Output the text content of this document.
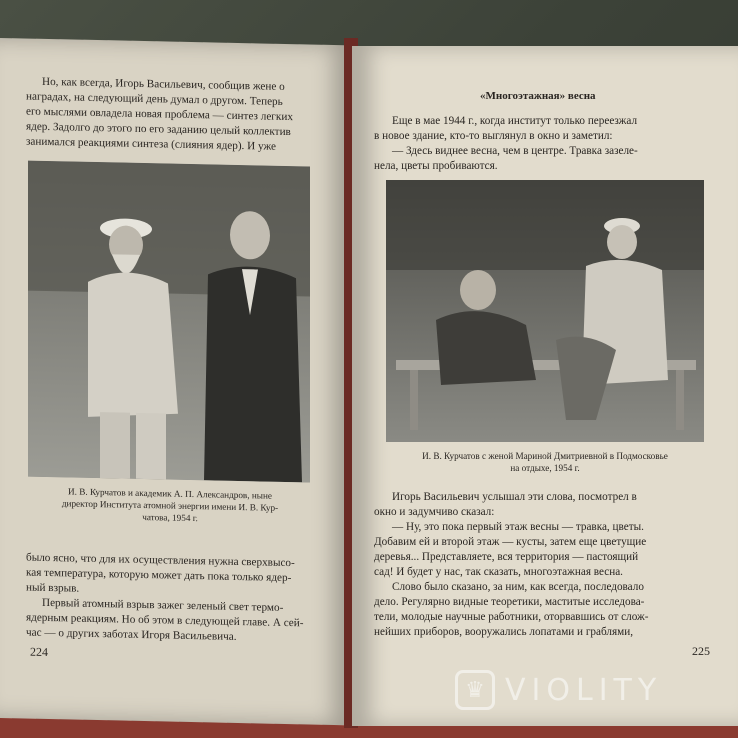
Но, как всегда, Игорь Васильевич, сообщив жене о
наградах, на следующий день думал о другом. Теперь
его мыслями овладела новая проблема — синтез легких
ядер. Задолго до этого по его заданию целый коллектив
занимался реакциями синтеза (слияния ядер). И уже
И. В. Курчатов и академик А. П. Александров, ныне
директор Института атомной энергии имени И. В. Кур-
чатова, 1954 г.
было ясно, что для их осуществления нужна сверхвысо-
кая температура, которую может дать пока только ядер-
ный взрыв.
Первый атомный взрыв зажег зеленый свет термо-
ядерным реакциям. Но об этом в следующей главе. А сей-
час — о других заботах Игоря Васильевича.
224
«Многоэтажная» весна
Еще в мае 1944 г., когда институт только переезжал
в новое здание, кто-то выглянул в окно и заметил:
— Здесь виднее весна, чем в центре. Травка зазеле-
нела, цветы пробиваются.
И. В. Курчатов с женой Мариной Дмитриевной в Подмосковье
на отдыхе, 1954 г.
Игорь Васильевич услышал эти слова, посмотрел в
окно и задумчиво сказал:
— Ну, это пока первый этаж весны — травка, цветы.
Добавим ей и второй этаж — кусты, затем еще цветущие
деревья... Представляете, вся территория — пастоящий
сад! И будет у нас, так сказать, многоэтажная весна.
Слово было сказано, за ним, как всегда, последовало
дело. Регулярно видные теоретики, маститые исследова-
тели, молодые научные работники, оторвавшись от слож-
нейших приборов, вооружались лопатами и граблями,
225
♛ VIOLITY
